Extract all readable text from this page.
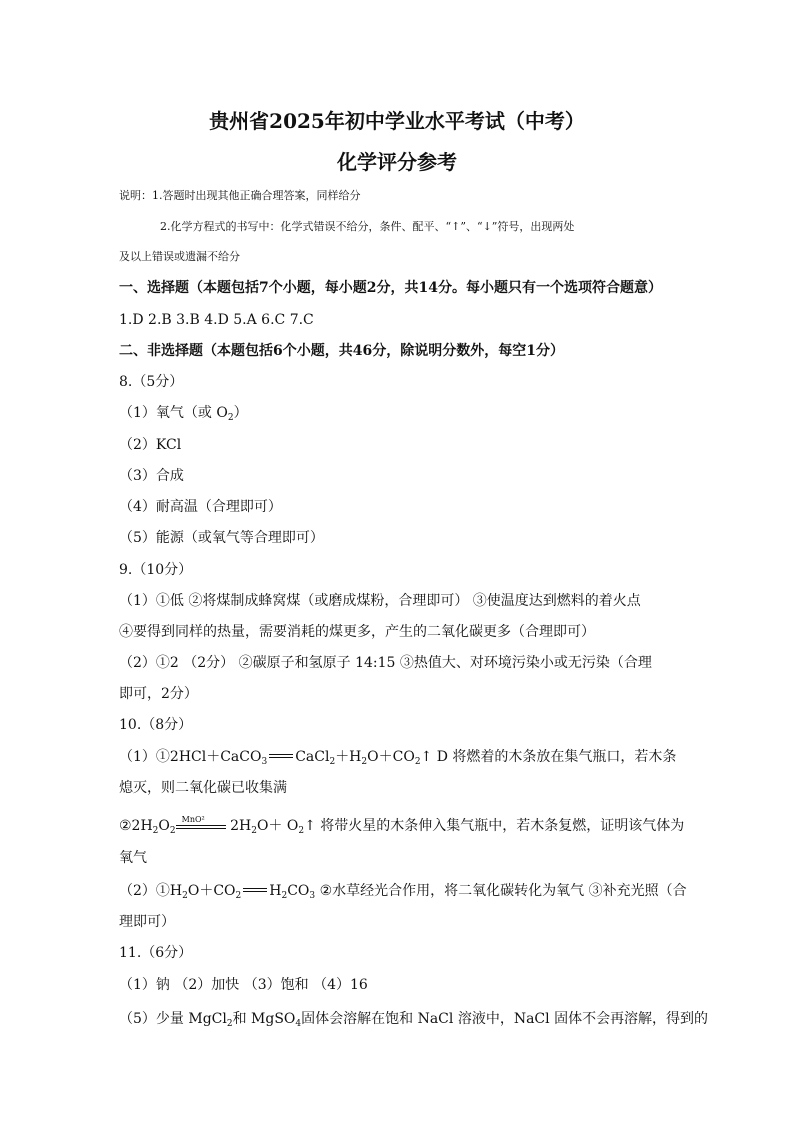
贵州省2025年初中学业水平考试（中考）
化学评分参考
说明：1.答题时出现其他正确合理答案，同样给分
2.化学方程式的书写中：化学式错误不给分，条件、配平、“↑”、“↓”符号，出现两处
及以上错误或遗漏不给分
一、选择题（本题包括7个小题，每小题2分，共14分。每小题只有一个选项符合题意）
1.D 2.B 3.B 4.D 5.A 6.C 7.C
二、非选择题（本题包括6个小题，共46分，除说明分数外，每空1分）
8.（5分）
（1）氧气（或 $O_2$）
（2）KCl
（3）合成
（4）耐高温（合理即可）
（5）能源（或氧气等合理即可）
9.（10分）
（1）①低 ②将煤制成蜂窝煤（或磨成煤粉，合理即可） ③使温度达到燃料的着火点
④要得到同样的热量，需要消耗的煤更多，产生的二氧化碳更多（合理即可）
（2）①2 （2分） ②碳原子和氢原子 14:15 ③热值大、对环境污染小或无污染（合理
即可，2分）
10.（8分）
（1）①2HCl＋CaCO$_3$ $CaCl_2+H_2O+CO_2↑$ D 将燃着的木条放在集气瓶口，若木条
熄灭，则二氧化碳已收集满
$②2H_2O_2$
MnO² $2H_2O+$ $O_2↑$ 将带火星的木条伸入集气瓶中，若木条复燃，证明该气体为
氧气
$(2)①H_2O+CO_2$ $H_2CO_3$ ②水草经光合作用，将二氧化碳转化为氧气 ③补充光照（合
理即可）
11.（6分）
（1）钠 （2）加快 （3）饱和 （4）16
（5）少量 MgCl$_2$和 MgSO$_4$固体会溶解在饱和 NaCl 溶液中，NaCl 固体不会再溶解，得到的
